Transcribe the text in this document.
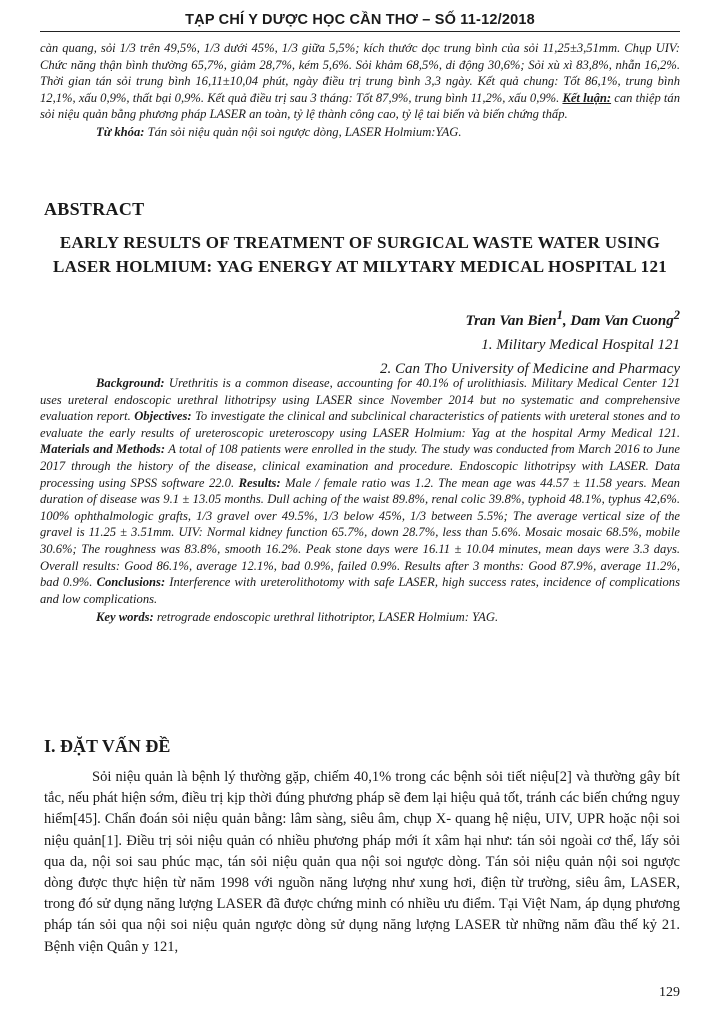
TẠP CHÍ Y DƯỢC HỌC CẦN THƠ – SỐ 11-12/2018
càn quang, sỏi 1/3 trên 49,5%, 1/3 dưới 45%, 1/3 giữa 5,5%; kích thước dọc trung bình của sỏi 11,25±3,51mm. Chụp UIV: Chức năng thận bình thường 65,7%, giảm 28,7%, kém 5,6%. Sỏi khảm 68,5%, di động 30,6%; Sỏi xù xì 83,8%, nhẵn 16,2%. Thời gian tán sỏi trung bình 16,11±10,04 phút, ngày điều trị trung bình 3,3 ngày. Kết quả chung: Tốt 86,1%, trung bình 12,1%, xấu 0,9%, thất bại 0,9%. Kết quả điều trị sau 3 tháng: Tốt 87,9%, trung bình 11,2%, xấu 0,9%. Kết luận: can thiệp tán sỏi niệu quản bằng phương pháp LASER an toàn, tỷ lệ thành công cao, tỷ lệ tai biến và biến chứng thấp.
Từ khóa: Tán sỏi niệu quản nội soi ngược dòng, LASER Holmium:YAG.
ABSTRACT
EARLY RESULTS OF TREATMENT OF SURGICAL WASTE WATER USING LASER HOLMIUM: YAG ENERGY AT MILYTARY MEDICAL HOSPITAL 121
Tran Van Bien$^1$, Dam Van Cuong$^2$
1. Military Medical Hospital 121
2. Can Tho University of Medicine and Pharmacy
Background: Urethritis is a common disease, accounting for 40.1% of urolithiasis. Military Medical Center 121 uses ureteral endoscopic urethral lithotripsy using LASER since November 2014 but no systematic and comprehensive evaluation report. Objectives: To investigate the clinical and subclinical characteristics of patients with ureteral stones and to evaluate the early results of ureteroscopic ureteroscopy using LASER Holmium: Yag at the hospital Army Medical 121. Materials and Methods: A total of 108 patients were enrolled in the study. The study was conducted from March 2016 to June 2017 through the history of the disease, clinical examination and procedure. Endoscopic lithotripsy with LASER. Data processing using SPSS software 22.0. Results: Male / female ratio was 1.2. The mean age was 44.57 ± 11.58 years. Mean duration of disease was 9.1 ± 13.05 months. Dull aching of the waist 89.8%, renal colic 39.8%, typhoid 48.1%, typhus 42,6%. 100% ophthalmologic grafts, 1/3 gravel over 49.5%, 1/3 below 45%, 1/3 between 5.5%; The average vertical size of the gravel is 11.25 ± 3.51mm. UIV: Normal kidney function 65.7%, down 28.7%, less than 5.6%. Mosaic mosaic 68.5%, mobile 30.6%; The roughness was 83.8%, smooth 16.2%. Peak stone days were 16.11 ± 10.04 minutes, mean days were 3.3 days. Overall results: Good 86.1%, average 12.1%, bad 0.9%, failed 0.9%. Results after 3 months: Good 87.9%, average 11.2%, bad 0.9%. Conclusions: Interference with ureterolithotomy with safe LASER, high success rates, incidence of complications and low complications.
Key words: retrograde endoscopic urethral lithotriptor, LASER Holmium: YAG.
I. ĐẶT VẤN ĐỀ
Sỏi niệu quản là bệnh lý thường gặp, chiếm 40,1% trong các bệnh sỏi tiết niệu[2] và thường gây bít tắc, nếu phát hiện sớm, điều trị kịp thời đúng phương pháp sẽ đem lại hiệu quả tốt, tránh các biến chứng nguy hiểm[45]. Chẩn đoán sỏi niệu quản bằng: lâm sàng, siêu âm, chụp X- quang hệ niệu, UIV, UPR hoặc nội soi niệu quản[1]. Điều trị sỏi niệu quản có nhiều phương pháp mới ít xâm hại như: tán sỏi ngoài cơ thể, lấy sỏi qua da, nội soi sau phúc mạc, tán sỏi niệu quản qua nội soi ngược dòng. Tán sỏi niệu quản nội soi ngược dòng được thực hiện từ năm 1998 với nguồn năng lượng như xung hơi, điện từ trường, siêu âm, LASER, trong đó sử dụng năng lượng LASER đã được chứng minh có nhiều ưu điểm. Tại Việt Nam, áp dụng phương pháp tán sỏi qua nội soi niệu quản ngược dòng sử dụng năng lượng LASER từ những năm đầu thế kỷ 21. Bệnh viện Quân y 121,
129
